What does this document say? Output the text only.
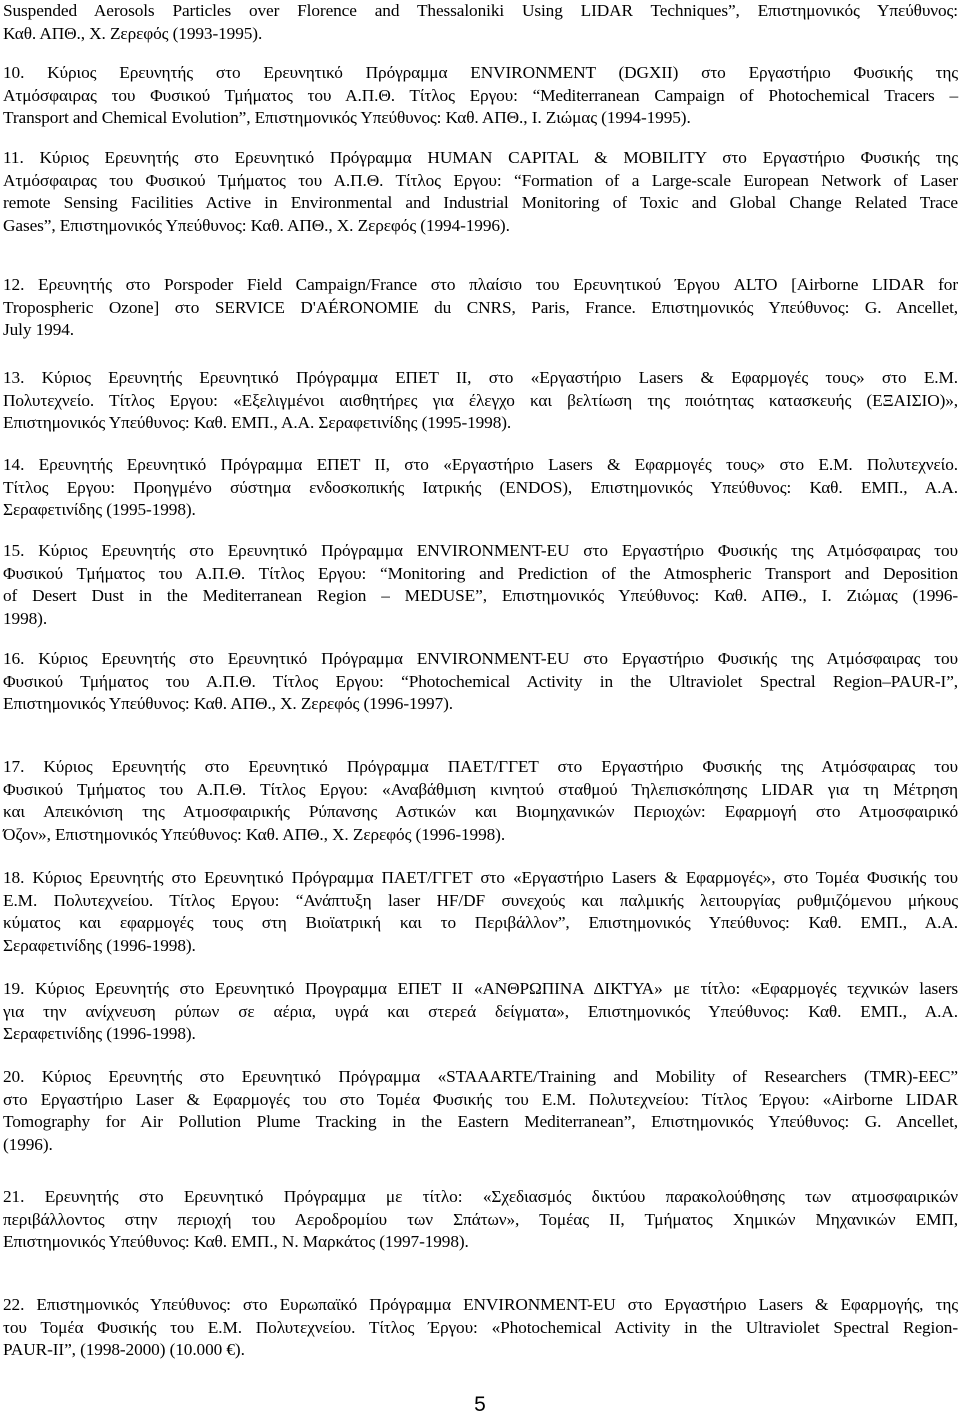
Suspended Aerosols Particles over Florence and Thessaloniki Using LIDAR Techniques”, Επιστημονικός Υπεύθυνος:
Καθ. ΑΠΘ., Χ. Ζερεφός (1993-1995).
10. Κύριος Ερευνητής στο Ερευνητικό Πρόγραμμα ENVIRONMENT (DGXII) στο Εργαστήριο Φυσικής της
Ατμόσφαιρας του Φυσικού Τμήματος του Α.Π.Θ. Τίτλος Εργου: “Mediterranean Campaign of Photochemical Tracers –
Transport and Chemical Evolution”, Επιστημονικός Υπεύθυνος: Καθ. ΑΠΘ., Ι. Ζιώμας (1994-1995).
11. Κύριος Ερευνητής στο Ερευνητικό Πρόγραμμα HUMAN CAPITAL & MOBILITY στο Εργαστήριο Φυσικής της
Ατμόσφαιρας του Φυσικού Τμήματος του Α.Π.Θ. Τίτλος Εργου: “Formation of a Large-scale European Network of Laser
remote Sensing Facilities Active in Environmental and Industrial Monitoring of Toxic and Global Change Related Trace
Gases”, Επιστημονικός Υπεύθυνος: Καθ. ΑΠΘ., Χ. Ζερεφός (1994-1996).
12. Ερευνητής στο Porspoder Field Campaign/France στο πλαίσιο του Ερευνητικού Έργου ALTO [Airborne LIDAR for
Tropospheric Ozone] στο SERVICE D'AÉRONOMIE du CNRS, Paris, France. Επιστημονικός Υπεύθυνος: G. Ancellet,
July 1994.
13. Κύριος Ερευνητής Ερευνητικό Πρόγραμμα ΕΠΕΤ ΙΙ, στο «Εργαστήριο Lasers & Εφαρμογές τους» στο Ε.Μ.
Πολυτεχνείο. Τίτλος Εργου: «Εξελιγμένοι αισθητήρες για έλεγχο και βελτίωση της ποιότητας κατασκευής (ΕΞΑΙΣΙΟ)»,
Επιστημονικός Υπεύθυνος: Καθ. ΕΜΠ., Α.Α. Σεραφετινίδης (1995-1998).
14. Ερευνητής Ερευνητικό Πρόγραμμα ΕΠΕΤ ΙΙ, στο «Εργαστήριο Lasers & Εφαρμογές τους» στο Ε.Μ. Πολυτεχνείο.
Τίτλος Εργου: Προηγμένο σύστημα ενδοσκοπικής Ιατρικής (ENDOS), Επιστημονικός Υπεύθυνος: Καθ. ΕΜΠ., Α.Α.
Σεραφετινίδης (1995-1998).
15. Κύριος Ερευνητής στο Ερευνητικό Πρόγραμμα ENVIRONMENT-EU στο Εργαστήριο Φυσικής της Ατμόσφαιρας του
Φυσικού Τμήματος του Α.Π.Θ. Τίτλος Εργου: “Monitoring and Prediction of the Atmospheric Transport and Deposition
of Desert Dust in the Mediterranean Region – MEDUSE”, Επιστημονικός Υπεύθυνος: Καθ. ΑΠΘ., Ι. Ζιώμας (1996-
1998).
16. Κύριος Ερευνητής στο Ερευνητικό Πρόγραμμα ENVIRONMENT-EU στο Εργαστήριο Φυσικής της Ατμόσφαιρας του
Φυσικού Τμήματος του Α.Π.Θ. Τίτλος Εργου: “Photochemical Activity in the Ultraviolet Spectral Region–PAUR-I”,
Επιστημονικός Υπεύθυνος: Καθ. ΑΠΘ., Χ. Ζερεφός (1996-1997).
17. Κύριος Ερευνητής στο Ερευνητικό Πρόγραμμα ΠΑΕΤ/ΓΓΕΤ στο Εργαστήριο Φυσικής της Ατμόσφαιρας του
Φυσικού Τμήματος του Α.Π.Θ. Τίτλος Εργου: «Αναβάθμιση κινητού σταθμού Τηλεπισκόπησης LIDAR για τη Μέτρηση
και Απεικόνιση της Ατμοσφαιρικής Ρύπανσης Αστικών και Βιομηχανικών Περιοχών: Εφαρμογή στο Ατμοσφαιρικό
Όζον», Επιστημονικός Υπεύθυνος: Καθ. ΑΠΘ., Χ. Ζερεφός (1996-1998).
18. Κύριος Ερευνητής στο Ερευνητικό Πρόγραμμα ΠΑΕΤ/ΓΓΕΤ στο «Εργαστήριο Lasers & Εφαρμογές», στο Τομέα Φυσικής του
Ε.Μ. Πολυτεχνείου. Τίτλος Εργου: “Ανάπτυξη laser HF/DF συνεχούς και παλμικής λειτουργίας ρυθμιζόμενου μήκους
κύματος και εφαρμογές τους στη Βιοϊατρική και το Περιβάλλον”, Επιστημονικός Υπεύθυνος: Καθ. ΕΜΠ., Α.Α.
Σεραφετινίδης (1996-1998).
19. Κύριος Ερευνητής στο Ερευνητικό Προγραμμα ΕΠΕΤ ΙΙ «ΑΝΘΡΩΠΙΝΑ ΔΙΚΤΥΑ» με τίτλο: «Εφαρμογές τεχνικών lasers
για την ανίχνευση ρύπων σε αέρια, υγρά και στερεά δείγματα», Επιστημονικός Υπεύθυνος: Καθ. ΕΜΠ., Α.Α.
Σεραφετινίδης (1996-1998).
20. Κύριος Ερευνητής στο Ερευνητικό Πρόγραμμα «STAAARTE/Training and Mobility of Researchers (TMR)-EEC”
στο Εργαστήριο Laser & Εφαρμογές του στο Τομέα Φυσικής του Ε.Μ. Πολυτεχνείου: Τίτλος Έργου: «Airborne LIDAR
Tomography for Air Pollution Plume Tracking in the Eastern Mediterranean”, Επιστημονικός Υπεύθυνος: G. Ancellet,
(1996).
21. Ερευνητής στο Ερευνητικό Πρόγραμμα με τίτλο: «Σχεδιασμός δικτύου παρακολούθησης των ατμοσφαιρικών
περιβάλλοντος στην περιοχή του Αεροδρομίου των Σπάτων», Τομέας ΙΙ, Τμήματος Χημικών Μηχανικών ΕΜΠ,
Επιστημονικός Υπεύθυνος: Καθ. ΕΜΠ., Ν. Μαρκάτος (1997-1998).
22. Επιστημονικός Υπεύθυνος: στο Ευρωπαϊκό Πρόγραμμα ENVIRONMENT-EU στο Εργαστήριο Lasers & Εφαρμογής, της
του Τομέα Φυσικής του Ε.Μ. Πολυτεχνείου. Τίτλος Έργου: «Photochemical Activity in the Ultraviolet Spectral Region-
PAUR-II”, (1998-2000) (10.000 €).
5
